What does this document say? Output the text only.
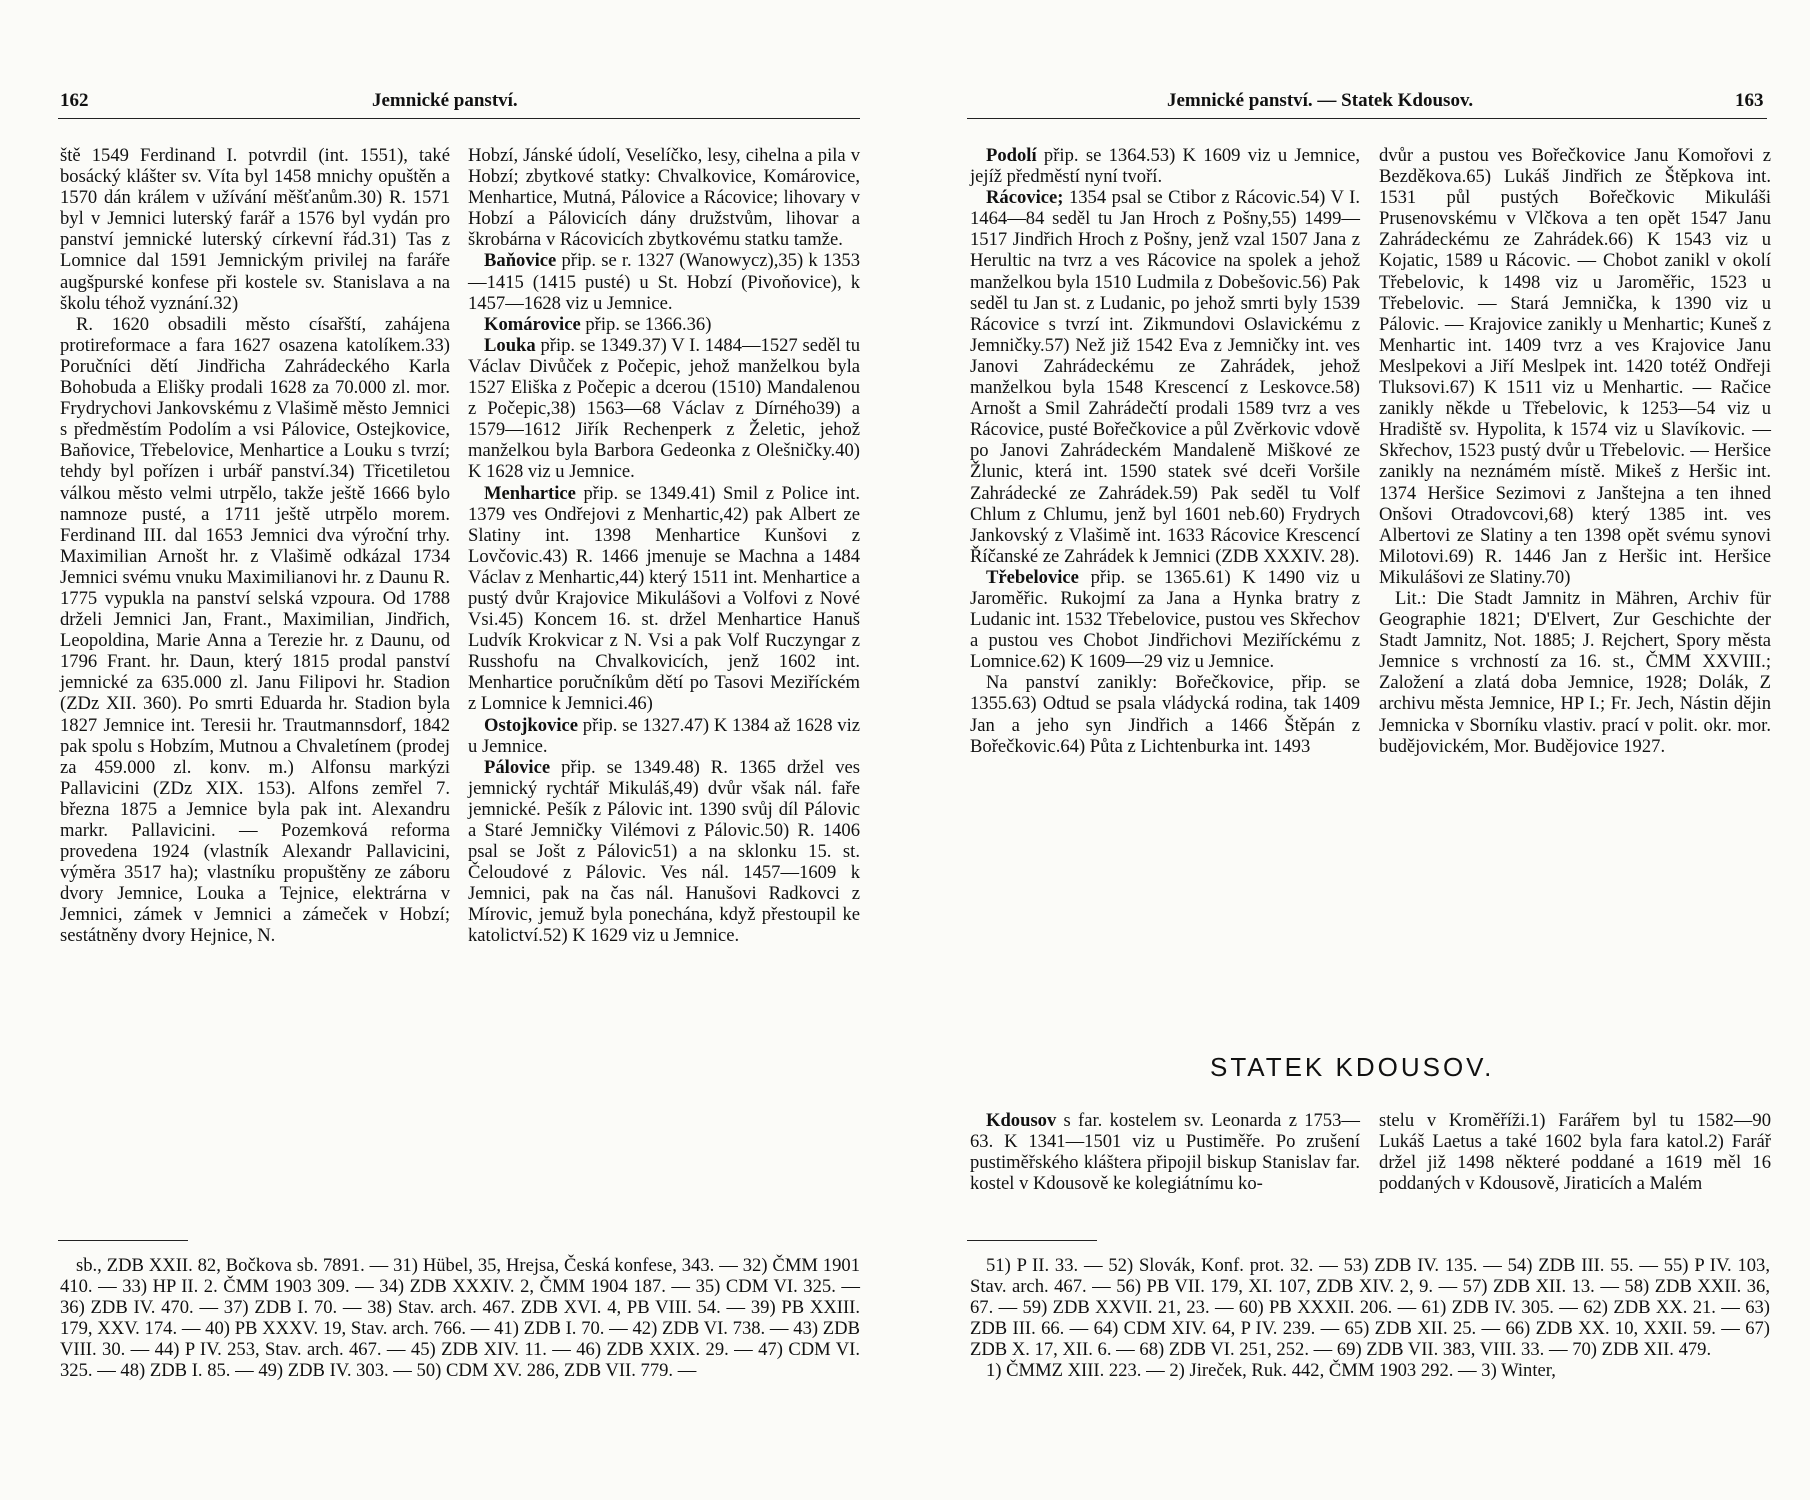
162	Jemnické panství.

ště 1549 Ferdinand I. potvrdil (int. 1551), také bosácký klášter sv. Víta byl 1458 mnichy opuštěn a 1570 dán králem v užívání měšťanům.30) R. 1571 byl v Jemnici luterský farář a 1576 byl vydán pro panství jemnické luterský církevní řád.31) Tas z Lomnice dal 1591 Jemnickým privilej na faráře augšpurské konfese při kostele sv. Stanislava a na školu téhož vyznání.32)

R. 1620 obsadili město císařští, zahájena protireformace a fara 1627 osazena katolíkem.33) Poručníci dětí Jindřicha Zahrádeckého Karla Bohobuda a Elišky prodali 1628 za 70.000 zl. mor. Frydrychovi Jankovskému z Vlašimě město Jemnici s předměstím Podolím a vsi Pálovice, Ostejkovice, Baňovice, Třebelovice, Menhartice a Louku s tvrzí; tehdy byl pořízen i urbář panství.34) Třicetiletou válkou město velmi utrpělo, takže ještě 1666 bylo namnoze pusté, a 1711 ještě utrpělo morem. Ferdinand III. dal 1653 Jemnici dva výroční trhy. Maximilian Arnošt hr. z Vlašimě odkázal 1734 Jemnici svému vnuku Maximilianovi hr. z Daunu R. 1775 vypukla na panství selská vzpoura. Od 1788 drželi Jemnici Jan, Frant., Maximilian, Jindřich, Leopoldina, Marie Anna a Terezie hr. z Daunu, od 1796 Frant. hr. Daun, který 1815 prodal panství jemnické za 635.000 zl. Janu Filipovi hr. Stadion (ZDz XII. 360). Po smrti Eduarda hr. Stadion byla 1827 Jemnice int. Teresii hr. Trautmannsdorf, 1842 pak spolu s Hobzím, Mutnou a Chvaletínem (prodej za 459.000 zl. konv. m.) Alfonsu markýzi Pallavicini (ZDz XIX. 153). Alfons zemřel 7. března 1875 a Jemnice byla pak int. Alexandru markr. Pallavicini. — Pozemková reforma provedena 1924 (vlastník Alexandr Pallavicini, výměra 3517 ha); vlastníku propuštěny ze záboru dvory Jemnice, Louka a Tejnice, elektrárna v Jemnici, zámek v Jemnici a zámeček v Hobzí; sestátněny dvory Hejnice, N.

Hobzí, Jánské údolí, Veselíčko, lesy, cihelna a pila v Hobzí; zbytkové statky: Chvalkovice, Komárovice, Menhartice, Mutná, Pálovice a Rácovice; lihovary v Hobzí a Pálovicích dány družstvům, lihovar a škrobárna v Rácovicích zbytkovému statku tamže.

Baňovice přip. se r. 1327 (Wanowycz),35) k 1353—1415 (1415 pusté) u St. Hobzí (Pivoňovice), k 1457—1628 viz u Jemnice.

Komárovice přip. se 1366.36)

Louka přip. se 1349.37) V I. 1484—1527 seděl tu Václav Divůček z Počepic, jehož manželkou byla 1527 Eliška z Počepic a dcerou (1510) Mandalenou z Počepic,38) 1563—68 Václav z Dírného39) a 1579—1612 Jiřík Rechenperk z Želetic, jehož manželkou byla Barbora Gedeonka z Olešničky.40) K 1628 viz u Jemnice.

Menhartice přip. se 1349.41) Smil z Police int. 1379 ves Ondřejovi z Menhartic,42) pak Albert ze Slatiny int. 1398 Menhartice Kunšovi z Lovčovic.43) R. 1466 jmenuje se Machna a 1484 Václav z Menhartic,44) který 1511 int. Menhartice a pustý dvůr Krajovice Mikulášovi a Volfovi z Nové Vsi.45) Koncem 16. st. držel Menhartice Hanuš Ludvík Krokvicar z N. Vsi a pak Volf Ruczyngar z Russhofu na Chvalkovicích, jenž 1602 int. Menhartice poručníkům dětí po Tasovi Meziříckém z Lomnice k Jemnici.46)

Ostojkovice přip. se 1327.47) K 1384 až 1628 viz u Jemnice.

Pálovice přip. se 1349.48) R. 1365 držel ves jemnický rychtář Mikuláš,49) dvůr však nál. faře jemnické. Pešík z Pálovic int. 1390 svůj díl Pálovic a Staré Jemničky Vilémovi z Pálovic.50) R. 1406 psal se Jošt z Pálovic51) a na sklonku 15. st. Čeloudové z Pálovic. Ves nál. 1457—1609 k Jemnici, pak na čas nál. Hanušovi Radkovci z Mírovic, jemuž byla ponechána, když přestoupil ke katolictví.52) K 1629 viz u Jemnice.

sb., ZDB XXII. 82, Bočkova sb. 7891. — 31) Hübel, 35, Hrejsa, Česká konfese, 343. — 32) ČMM 1901 410. — 33) HP II. 2. ČMM 1903 309. — 34) ZDB XXXIV. 2, ČMM 1904 187. — 35) CDM VI. 325. — 36) ZDB IV. 470. — 37) ZDB I. 70. — 38) Stav. arch. 467. ZDB XVI. 4, PB VIII. 54. — 39) PB XXIII. 179, XXV. 174. — 40) PB XXXV. 19, Stav. arch. 766. — 41) ZDB I. 70. — 42) ZDB VI. 738. — 43) ZDB VIII. 30. — 44) P IV. 253, Stav. arch. 467. — 45) ZDB XIV. 11. — 46) ZDB XXIX. 29. — 47) CDM VI. 325. — 48) ZDB I. 85. — 49) ZDB IV. 303. — 50) CDM XV. 286, ZDB VII. 779. —

Jemnické panství. — Statek Kdousov.	163

Podolí přip. se 1364.53) K 1609 viz u Jemnice, jejíž předměstí nyní tvoří.

Rácovice; 1354 psal se Ctibor z Rácovic.54) V I. 1464—84 seděl tu Jan Hroch z Pošny,55) 1499—1517 Jindřich Hroch z Pošny, jenž vzal 1507 Jana z Herultic na tvrz a ves Rácovice na spolek a jehož manželkou byla 1510 Ludmila z Dobešovic.56) Pak seděl tu Jan st. z Ludanic, po jehož smrti byly 1539 Rácovice s tvrzí int. Zikmundovi Oslavickému z Jemničky.57) Než již 1542 Eva z Jemničky int. ves Janovi Zahrádeckému ze Zahrádek, jehož manželkou byla 1548 Krescencí z Leskovce.58) Arnošt a Smil Zahrádečtí prodali 1589 tvrz a ves Rácovice, pusté Bořečkovice a půl Zvěrkovic vdově po Janovi Zahrádeckém Mandaleně Miškové ze Žlunic, která int. 1590 statek své dceři Voršile Zahrádecké ze Zahrádek.59) Pak seděl tu Volf Chlum z Chlumu, jenž byl 1601 neb.60) Frydrych Jankovský z Vlašimě int. 1633 Rácovice Krescencí Říčanské ze Zahrádek k Jemnici (ZDB XXXIV. 28).

Třebelovice přip. se 1365.61) K 1490 viz u Jaroměřic. Rukojmí za Jana a Hynka bratry z Ludanic int. 1532 Třebelovice, pustou ves Skřechov a pustou ves Chobot Jindřichovi Meziříckému z Lomnice.62) K 1609—29 viz u Jemnice.

Na panství zanikly: Bořečkovice, přip. se 1355.63) Odtud se psala vládycká rodina, tak 1409 Jan a jeho syn Jindřich a 1466 Štěpán z Bořečkovic.64) Půta z Lichtenburka int. 1493

dvůr a pustou ves Bořečkovice Janu Komořovi z Bezděkova.65) Lukáš Jindřich ze Štěpkova int. 1531 půl pustých Bořečkovic Mikuláši Prusenovskému v Vlčkova a ten opět 1547 Janu Zahrádeckému ze Zahrádek.66) K 1543 viz u Kojatic, 1589 u Rácovic. — Chobot zanikl v okolí Třebelovic, k 1498 viz u Jaroměřic, 1523 u Třebelovic. — Stará Jemnička, k 1390 viz u Pálovic. — Krajovice zanikly u Menhartic; Kuneš z Menhartic int. 1409 tvrz a ves Krajovice Janu Meslpekovi a Jiří Meslpek int. 1420 totéž Ondřeji Tluksovi.67) K 1511 viz u Menhartic. — Račice zanikly někde u Třebelovic, k 1253—54 viz u Hradiště sv. Hypolita, k 1574 viz u Slavíkovic. — Skřechov, 1523 pustý dvůr u Třebelovic. — Heršice zanikly na neznámém místě. Mikeš z Heršic int. 1374 Heršice Sezimovi z Janštejna a ten ihned Onšovi Otradovcovi,68) který 1385 int. ves Albertovi ze Slatiny a ten 1398 opět svému synovi Milotovi.69) R. 1446 Jan z Heršic int. Heršice Mikulášovi ze Slatiny.70)

Lit.: Die Stadt Jamnitz in Mähren, Archiv für Geographie 1821; D'Elvert, Zur Geschichte der Stadt Jamnitz, Not. 1885; J. Rejchert, Spory města Jemnice s vrchností za 16. st., ČMM XXVIII.; Založení a zlatá doba Jemnice, 1928; Dolák, Z archivu města Jemnice, HP I.; Fr. Jech, Nástin dějin Jemnicka v Sborníku vlastiv. prací v polit. okr. mor. budějovickém, Mor. Budějovice 1927.

STATEK KDOUSOV.

Kdousov s far. kostelem sv. Leonarda z 1753—63. K 1341—1501 viz u Pustiměře. Po zrušení pustiměřského kláštera připojil biskup Stanislav far. kostel v Kdousově ke kolegiátnímu ko-

stelu v Kroměříži.1) Farářem byl tu 1582—90 Lukáš Laetus a také 1602 byla fara katol.2) Farář držel již 1498 některé poddané a 1619 měl 16 poddaných v Kdousově, Jiraticích a Malém

51) P II. 33. — 52) Slovák, Konf. prot. 32. — 53) ZDB IV. 135. — 54) ZDB III. 55. — 55) P IV. 103, Stav. arch. 467. — 56) PB VII. 179, XI. 107, ZDB XIV. 2, 9. — 57) ZDB XII. 13. — 58) ZDB XXII. 36, 67. — 59) ZDB XXVII. 21, 23. — 60) PB XXXII. 206. — 61) ZDB IV. 305. — 62) ZDB XX. 21. — 63) ZDB III. 66. — 64) CDM XIV. 64, P IV. 239. — 65) ZDB XII. 25. — 66) ZDB XX. 10, XXII. 59. — 67) ZDB X. 17, XII. 6. — 68) ZDB VI. 251, 252. — 69) ZDB VII. 383, VIII. 33. — 70) ZDB XII. 479.

1) ČMMZ XIII. 223. — 2) Jireček, Ruk. 442, ČMM 1903 292. — 3) Winter,
